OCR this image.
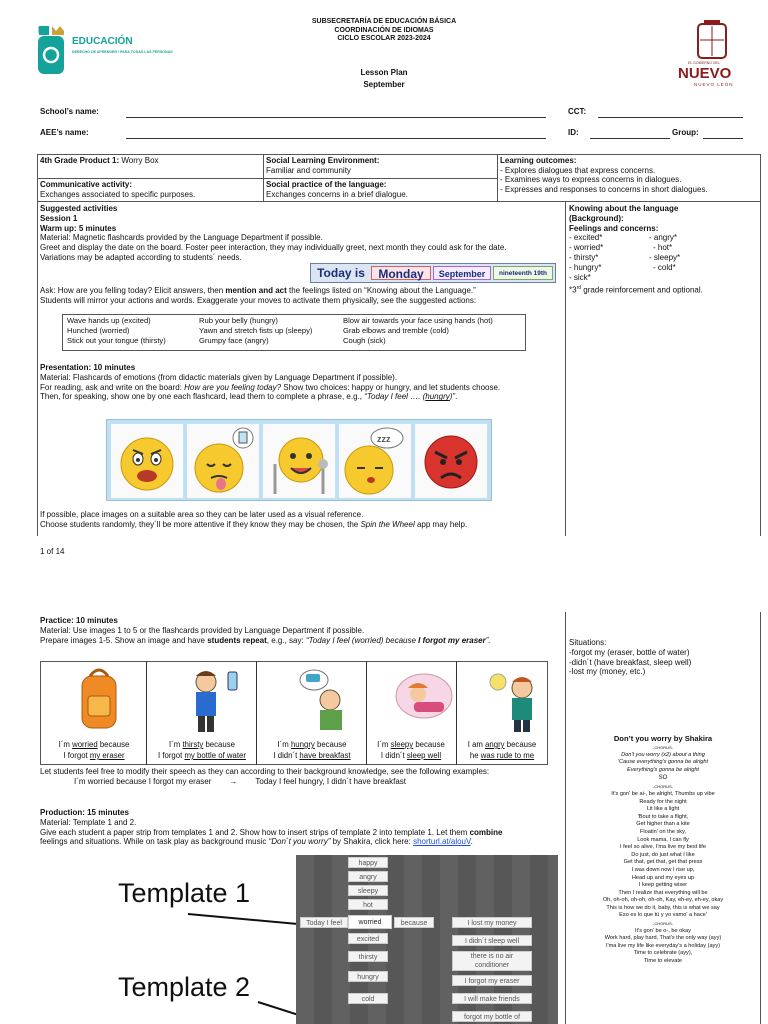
NL
EDUCACIÓN
DERECHO DE APRENDER / PARA TODAS LAS PERSONAS
SUBSECRETARÍA DE EDUCACIÓN BÁSICA
COORDINACIÓN DE IDIOMAS
CICLO ESCOLAR 2023-2024
EL GOBIERNO DEL
NUEVO
NUEVO LEÓN
Lesson Plan
September
School’s name:	CCT:
AEE’s name:	ID:	Group:
4th Grade Product 1: Worry Box
Communicative activity:
Exchanges associated to specific purposes.
Social Learning Environment:
Familiar and community
Social practice of the language:
Exchanges concerns in a brief dialogue.
Learning outcomes:
- Explores dialogues that express concerns.
- Examines ways to express concerns in dialogues.
- Expresses and responses to concerns in short dialogues.
Suggested activities
Session 1
Warm up: 5 minutes
Material: Magnetic flashcards provided by the Language Department if possible.
Greet and display the date on the board. Foster peer interaction, they may individually greet, next month they could ask for the date.
Variations may be adapted according to students´ needs.
Today is	Monday	September	nineteenth 19th
Ask: How are you felling today? Elicit answers, then mention and act the feelings listed on “Knowing about the Language.”
Students will mirror your actions and words. Exaggerate your moves to activate them physically, see the suggested actions:
Wave hands up (excited)	Rub your belly (hungry)	Blow air towards your face using hands (hot)
Hunched (worried)	Yawn and stretch fists up (sleepy)	Grab elbows and tremble (cold)
Stick out your tongue (thirsty)	Grumpy face (angry)	Cough (sick)
Presentation: 10 minutes
Material: Flashcards of emotions (from didactic materials given by Language Department if possible).
For reading, ask and write on the board: How are you feeling today? Show two choices: happy or hungry, and let students choose.
Then, for speaking, show one by one each flashcard, lead them to complete a phrase, e.g., “Today I feel …. (hungry)”.
zzz
If possible, place images on a suitable area so they can be later used as a visual reference.
Choose students randomly, they´ll be more attentive if they know they may be chosen, the Spin the Wheel app may help.
Knowing about the language
(Background):
Feelings and concerns:
- excited*
- worried*
- thirsty*
- hungry*
- sick*
- angry*
- hot*
- sleepy*
- cold*
*3rd grade reinforcement and optional.
1 of 14
Practice: 10 minutes
Material: Use images 1 to 5 or the flashcards provided by Language Department if possible.
Prepare images 1-5. Show an image and have students repeat, e.g., say: “Today I feel (worried) because I forgot my eraser”.
I´m worried because
I forgot my eraser
I´m thirsty because
I forgot my bottle of water
I´m hungry because
I didn´t have breakfast
I´m sleepy because
I didn´t sleep well
I am angry because
he was rude to me
Let students feel free to modify their speech as they can according to their background knowledge, see the following examples:
I´m worried because I forgot my eraser → Today I feel hungry, I didn´t have breakfast
Production: 15 minutes
Material: Template 1 and 2.
Give each student a paper strip from templates 1 and 2. Show how to insert strips of template 2 into template 1. Let them combine
feelings and situations. While on task play as background music “Don´t you worry” by Shakira, click here: shorturl.at/alouV.
Template 1
Template 2
happy
angry
sleepy
hot
Today I feel	worried	because
excited
thirsty
hungry
cold
I lost my money
I didn´t sleep well
there is no air conditioner
I forgot my eraser
I will make friends
forgot my bottle of
Situations:
-forgot my (eraser, bottle of water)
-didn´t (have breakfast, sleep well)
-lost my (money, etc.)
Don’t you worry by Shakira
-CHORUS-
Don't you worry (x2) about a thing
'Cause everything's gonna be alright
Everything's gonna be alright
SO
-CHORUS-
It's gon' be ai-, be alright, Thumbs up vibe
Ready for the night
Lit like a light
'Bout to take a flight,
Get higher than a kite
Floatin' on the sky,
Look mama, I can fly
I feel so alive, I'ma live my best life
Do just, do just what I like
Get that, get that, get that press
I was down now I rise up,
Head up and my eyes up
I keep getting wiser
Then I realize that everything will be
Oh, oh-oh, oh-oh, oh-oh, Kay, eh-ey, eh-ey, okay
This is how we do it, baby, this is what we say
Eso es lo que tú y yo vamo' a hace'
-CHORUS-
It's gon' be o-, be okay
Work hard, play hard, That's the only way (ayy)
I'ma live my life like everyday's a holiday (ayy)
Time to celebrate (ayy),
Time to elevate
